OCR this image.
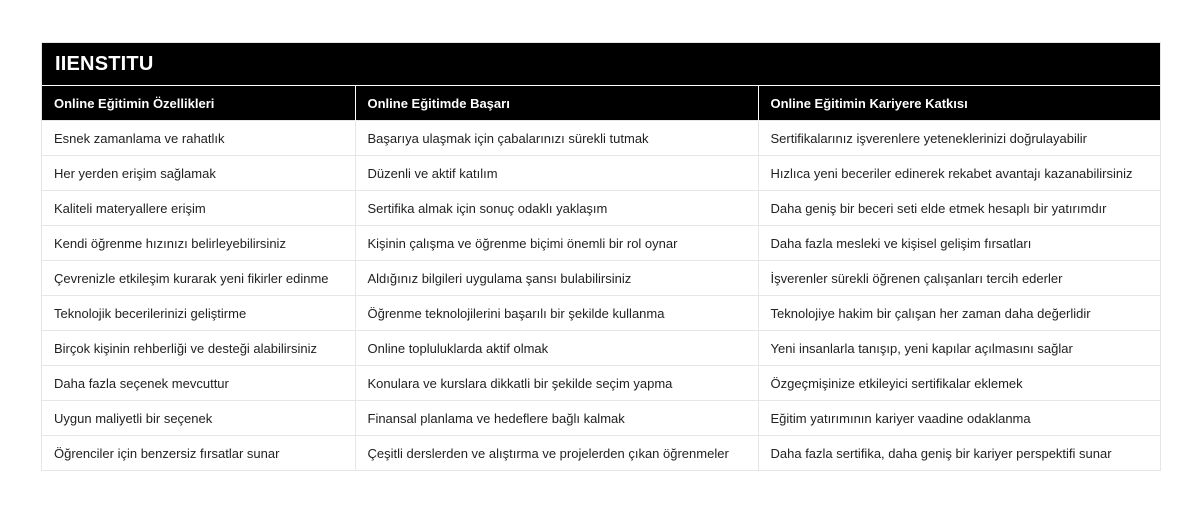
IIENSTITU
Online Eğitimin Özellikleri	Online Eğitimde Başarı	Online Eğitimin Kariyere Katkısı
Esnek zamanlama ve rahatlık	Başarıya ulaşmak için çabalarınızı sürekli tutmak	Sertifikalarınız işverenlere yeteneklerinizi doğrulayabilir
Her yerden erişim sağlamak	Düzenli ve aktif katılım	Hızlıca yeni beceriler edinerek rekabet avantajı kazanabilirsiniz
Kaliteli materyallere erişim	Sertifika almak için sonuç odaklı yaklaşım	Daha geniş bir beceri seti elde etmek hesaplı bir yatırımdır
Kendi öğrenme hızınızı belirleyebilirsiniz	Kişinin çalışma ve öğrenme biçimi önemli bir rol oynar	Daha fazla mesleki ve kişisel gelişim fırsatları
Çevrenizle etkileşim kurarak yeni fikirler edinme	Aldığınız bilgileri uygulama şansı bulabilirsiniz	İşverenler sürekli öğrenen çalışanları tercih ederler
Teknolojik becerilerinizi geliştirme	Öğrenme teknolojilerini başarılı bir şekilde kullanma	Teknolojiye hakim bir çalışan her zaman daha değerlidir
Birçok kişinin rehberliği ve desteği alabilirsiniz	Online topluluklarda aktif olmak	Yeni insanlarla tanışıp, yeni kapılar açılmasını sağlar
Daha fazla seçenek mevcuttur	Konulara ve kurslara dikkatli bir şekilde seçim yapma	Özgeçmişinize etkileyici sertifikalar eklemek
Uygun maliyetli bir seçenek	Finansal planlama ve hedeflere bağlı kalmak	Eğitim yatırımının kariyer vaadine odaklanma
Öğrenciler için benzersiz fırsatlar sunar	Çeşitli derslerden ve alıştırma ve projelerden çıkan öğrenmeler	Daha fazla sertifika, daha geniş bir kariyer perspektifi sunar
